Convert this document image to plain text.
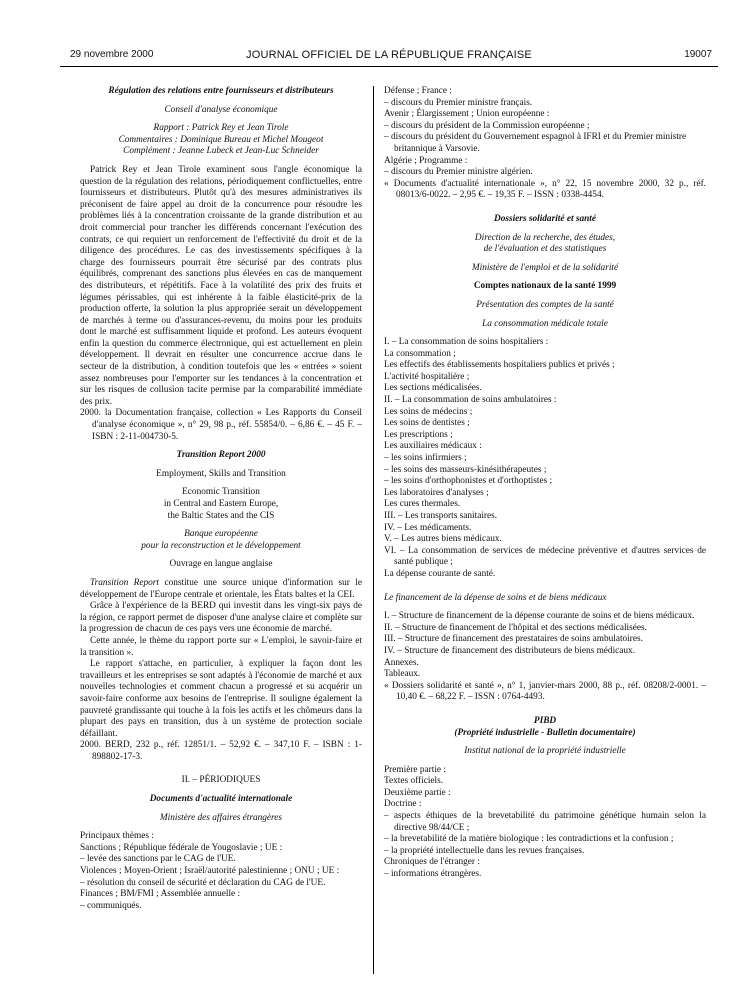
29 novembre 2000	JOURNAL OFFICIEL DE LA RÉPUBLIQUE FRANÇAISE	19007

Régulation des relations entre fournisseurs et distributeurs

Conseil d'analyse économique

Rapport : Patrick Rey et Jean Tirole

Commentaires : Dominique Bureau et Michel Mougeot

Complément : Jeanne Lubeck et Jean-Luc Schneider

Patrick Rey et Jean Tirole examinent sous l'angle économique la question de la régulation des relations, périodiquement conflictuelles, entre fournisseurs et distributeurs. Plutôt qu'à des mesures administratives ils préconisent de faire appel au droit de la concurrence pour résoudre les problèmes liés à la concentration croissante de la grande distribution et au droit commercial pour trancher les différends concernant l'exécution des contrats, ce qui requiert un renforcement de l'effectivité du droit et de la diligence des procédures. Le cas des investissements spécifiques à la charge des fournisseurs pourrait être sécurisé par des contrats plus équilibrés, comprenant des sanctions plus élevées en cas de manquement des distributeurs, et répétitifs. Face à la volatilité des prix des fruits et légumes périssables, qui est inhérente à la faible élasticité-prix de la production offerte, la solution la plus appropriée serait un développement de marchés à terme ou d'assurances-revenu, du moins pour les produits dont le marché est suffisamment liquide et profond. Les auteurs évoquent enfin la question du commerce électronique, qui est actuellement en plein développement. Il devrait en résulter une concurrence accrue dans le secteur de la distribution, à condition toutefois que les « entrées » soient assez nombreuses pour l'emporter sur les tendances à la concentration et sur les risques de collusion tacite permise par la comparabilité immédiate des prix.

2000. la Documentation française, collection « Les Rapports du Conseil d'analyse économique », n° 29, 98 p., réf. 55854/0. – 6,86 €. – 45 F. – ISBN : 2-11-004730-5.

Transition Report 2000

Employment, Skills and Transition

Economic Transition

in Central and Eastern Europe,

the Baltic States and the CIS

Banque européenne

pour la reconstruction et le développement

Ouvrage en langue anglaise

Transition Report constitue une source unique d'information sur le développement de l'Europe centrale et orientale, les États baltes et la CEI.

Grâce à l'expérience de la BERD qui investit dans les vingt-six pays de la région, ce rapport permet de disposer d'une analyse claire et complète sur la progression de chacun de ces pays vers une économie de marché.

Cette année, le thème du rapport porte sur « L'emploi, le savoir-faire et la transition ».

Le rapport s'attache, en particulier, à expliquer la façon dont les travailleurs et les entreprises se sont adaptés à l'économie de marché et aux nouvelles technologies et comment chacun a progressé et su acquérir un savoir-faire conforme aux besoins de l'entreprise. Il souligne également la pauvreté grandissante qui touche à la fois les actifs et les chômeurs dans la plupart des pays en transition, dus à un système de protection sociale défaillant.

2000. BERD, 232 p., réf. 12851/1. – 52,92 €. – 347,10 F. – ISBN : 1-898802-17-3.

II. – PÉRIODIQUES

Documents d'actualité internationale

Ministère des affaires étrangères

Principaux thèmes :

Sanctions ; République fédérale de Yougoslavie ; UE :

– levée des sanctions par le CAG de l'UE.

Violences ; Moyen-Orient ; Israël/autorité palestinienne ; ONU ; UE :

– résolution du conseil de sécurité et déclaration du CAG de l'UE.

Finances ; BM/FMI ; Assemblée annuelle :

– communiqués.

Défense ; France :

– discours du Premier ministre français.

Avenir ; Élargissement ; Union européenne :

– discours du président de la Commission européenne ;

– discours du président du Gouvernement espagnol à IFRI et du Premier ministre britannique à Varsovie.

Algérie ; Programme :

– discours du Premier ministre algérien.

« Documents d'actualité internationale », n° 22, 15 novembre 2000, 32 p., réf. 08013/6-0022. – 2,95 €. – 19,35 F. – ISSN : 0338-4454.

Dossiers solidarité et santé

Direction de la recherche, des études,

de l'évaluation et des statistiques

Ministère de l'emploi et de la solidarité

Comptes nationaux de la santé 1999

Présentation des comptes de la santé

La consommation médicale totale

I. – La consommation de soins hospitaliers :

La consommation ;

Les effectifs des établissements hospitaliers publics et privés ;

L'activité hospitalière ;

Les sections médicalisées.

II. – La consommation de soins ambulatoires :

Les soins de médecins ;

Les soins de dentistes ;

Les prescriptions ;

Les auxiliaires médicaux :

– les soins infirmiers ;

– les soins des masseurs-kinésithérapeutes ;

– les soins d'orthophonistes et d'orthoptistes ;

Les laboratoires d'analyses ;

Les cures thermales.

III. – Les transports sanitaires.

IV. – Les médicaments.

V. – Les autres biens médicaux.

VI. – La consommation de services de médecine préventive et d'autres services de santé publique ;

La dépense courante de santé.

Le financement de la dépense de soins et de biens médicaux

I. – Structure de financement de la dépense courante de soins et de biens médicaux.

II. – Structure de financement de l'hôpital et des sections médicalisées.

III. – Structure de financement des prestataires de soins ambulatoires.

IV. – Structure de financement des distributeurs de biens médicaux.

Annexes.

Tableaux.

« Dossiers solidarité et santé », n° 1, janvier-mars 2000, 88 p., réf. 08208/2-0001. – 10,40 €. – 68,22 F. – ISSN : 0764-4493.

PIBD

(Propriété industrielle - Bulletin documentaire)

Institut national de la propriété industrielle

Première partie :

Textes officiels.

Deuxième partie :

Doctrine :

– aspects éthiques de la brevetabilité du patrimoine génétique humain selon la directive 98/44/CE ;

– la brevetabilité de la matière biologique : les contradictions et la confusion ;

– la propriété intellectuelle dans les revues françaises.

Chroniques de l'étranger :

– informations étrangères.
